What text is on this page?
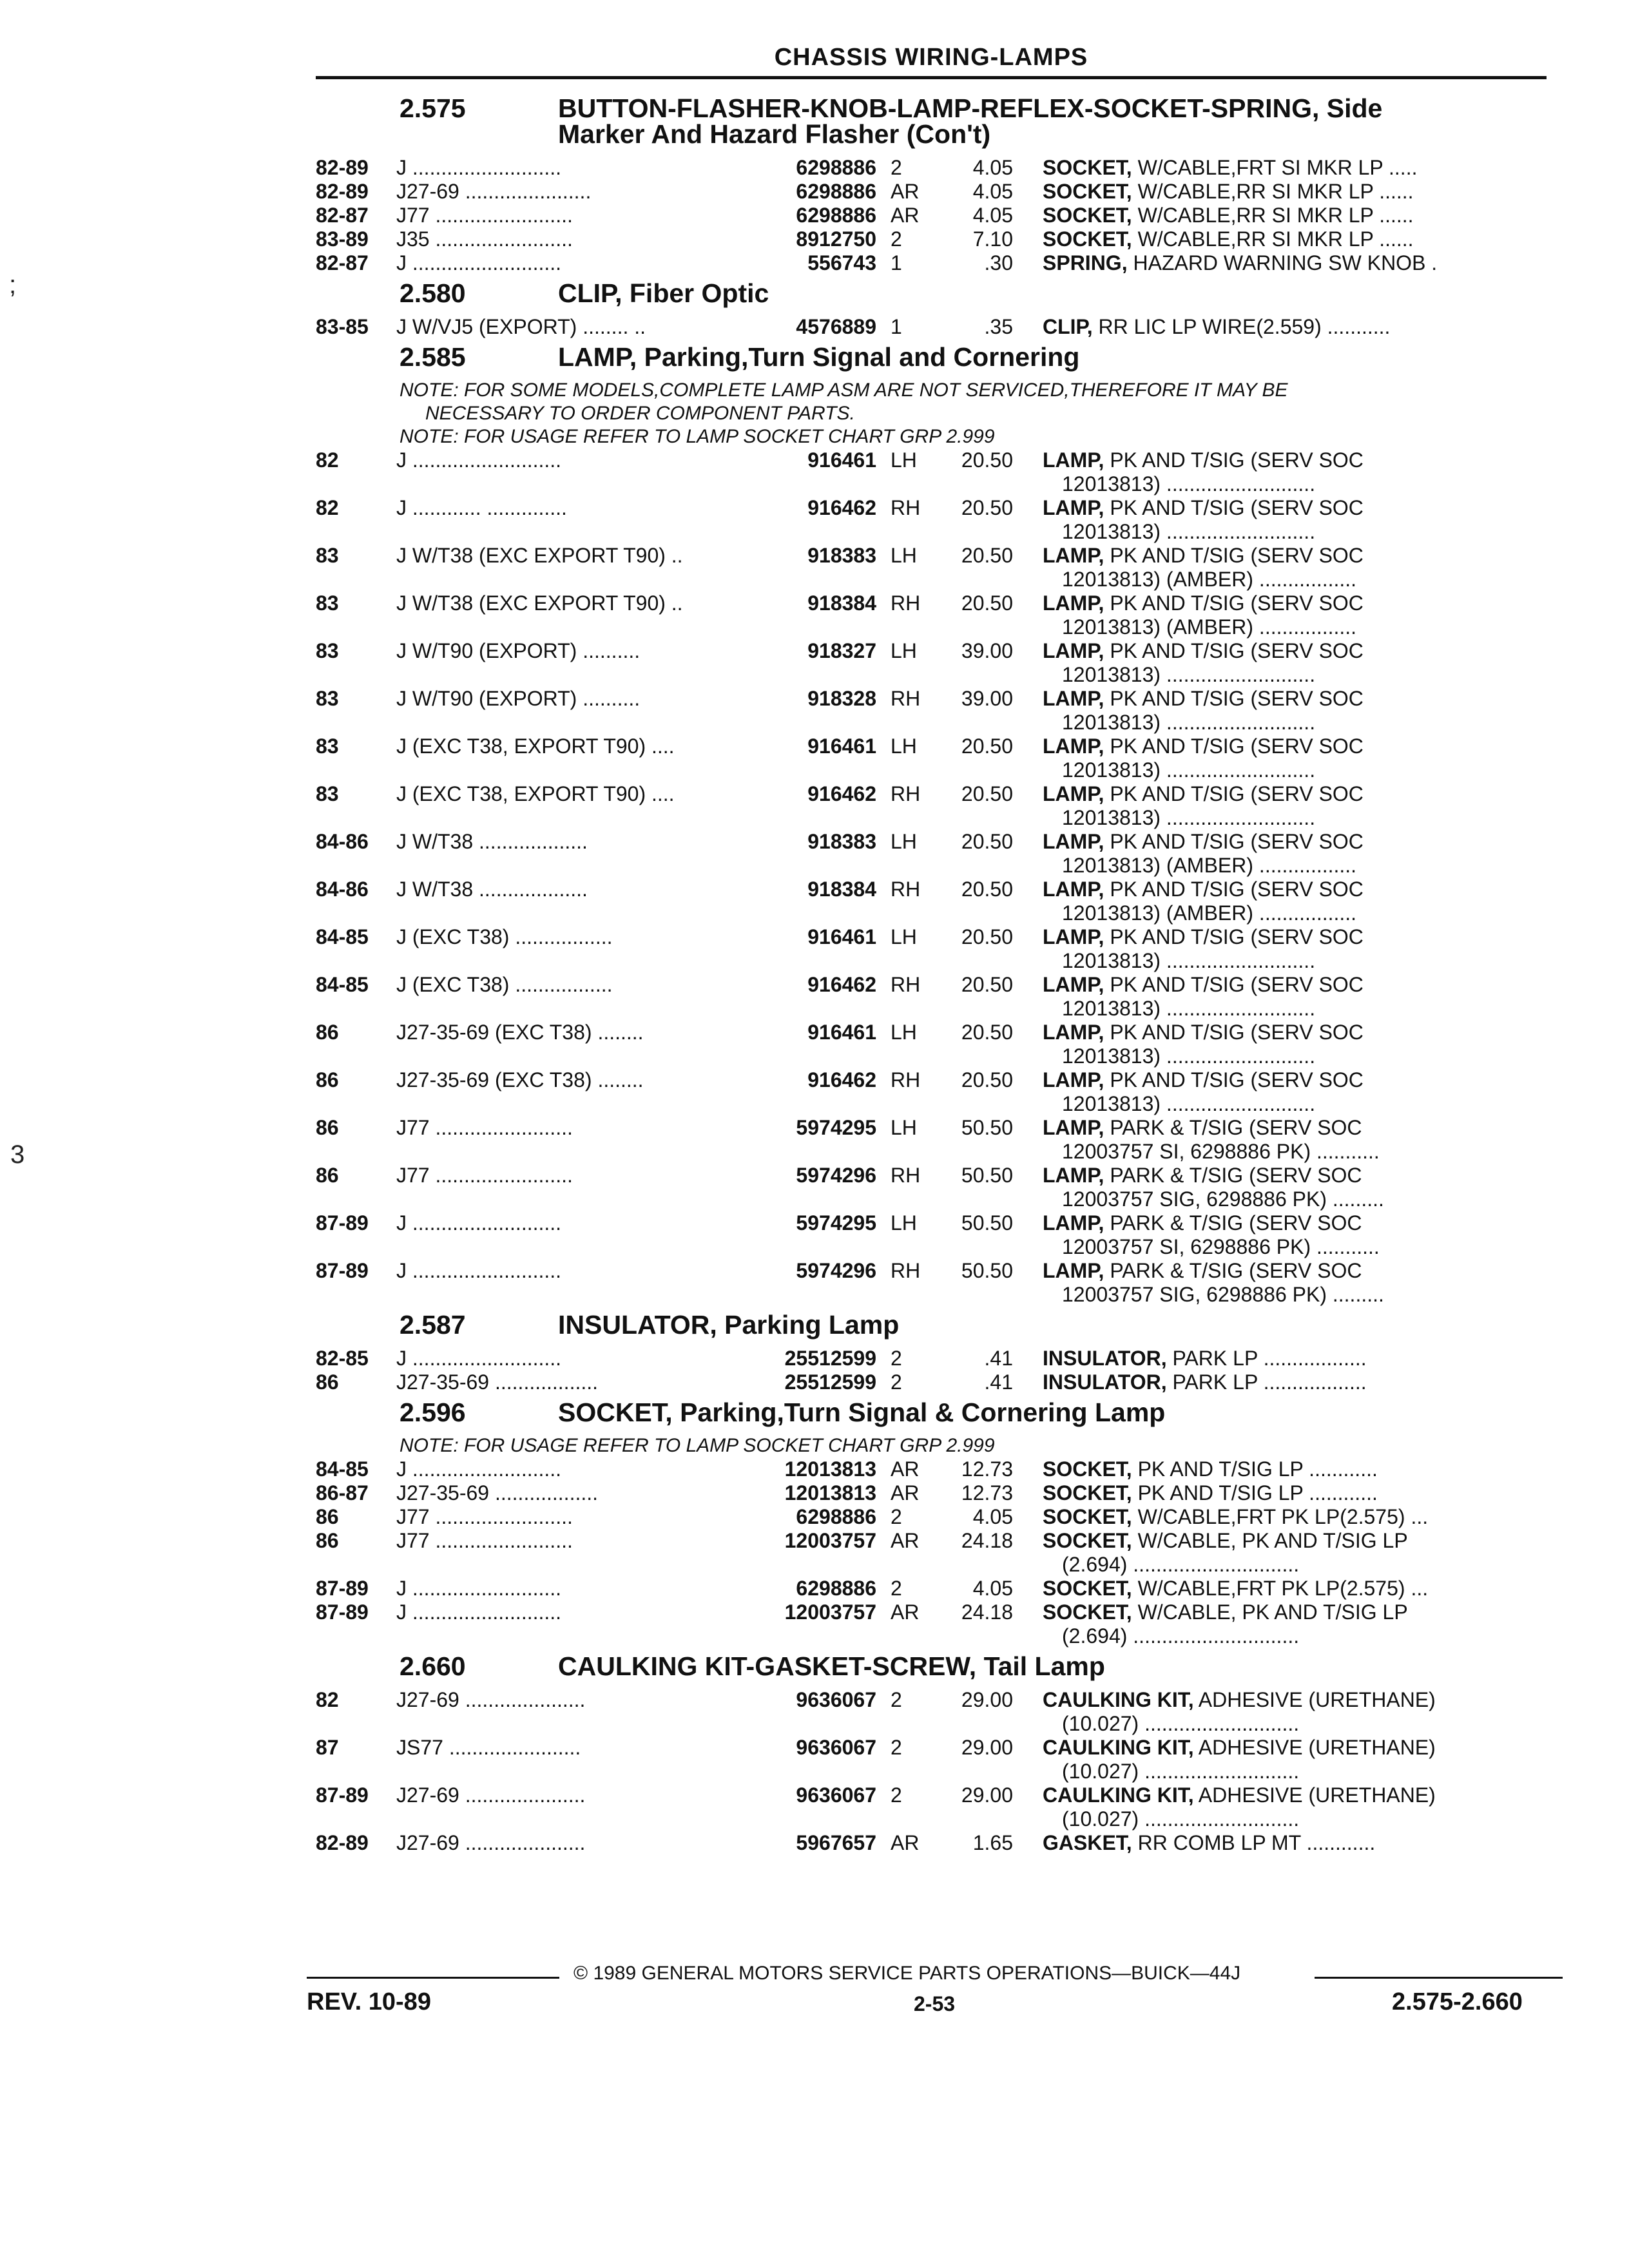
;
3
CHASSIS WIRING-LAMPS
2.575	BUTTON-FLASHER-KNOB-LAMP-REFLEX-SOCKET-SPRING, Side
Marker And Hazard Flasher (Con't)
82-89	J ..........................	6298886 2	4.05	SOCKET, W/CABLE,FRT SI MKR LP .....
82-89	J27-69 ......................	6298886 AR	4.05	SOCKET, W/CABLE,RR SI MKR LP ......
82-87	J77 ........................	6298886 AR	4.05	SOCKET, W/CABLE,RR SI MKR LP ......
83-89	J35 ........................	8912750 2	7.10	SOCKET, W/CABLE,RR SI MKR LP ......
82-87	J ..........................	556743 1	.30	SPRING, HAZARD WARNING SW KNOB .
2.580	CLIP, Fiber Optic
83-85	J W/VJ5 (EXPORT) ........ ..	4576889 1	.35	CLIP, RR LIC LP WIRE(2.559) ...........
2.585	LAMP, Parking,Turn Signal and Cornering
NOTE: FOR SOME MODELS,COMPLETE LAMP ASM ARE NOT SERVICED,THEREFORE IT MAY BE
NECESSARY TO ORDER COMPONENT PARTS.
NOTE: FOR USAGE REFER TO LAMP SOCKET CHART GRP 2.999
82	J ..........................	916461 LH	20.50	LAMP, PK AND T/SIG (SERV SOC
12013813) ..........................
82	J ............ ..............	916462 RH	20.50	LAMP, PK AND T/SIG (SERV SOC
12013813) ..........................
83	J W/T38 (EXC EXPORT T90) ..	918383 LH	20.50	LAMP, PK AND T/SIG (SERV SOC
12013813) (AMBER) .................
83	J W/T38 (EXC EXPORT T90) ..	918384 RH	20.50	LAMP, PK AND T/SIG (SERV SOC
12013813) (AMBER) .................
83	J W/T90 (EXPORT) ..........	918327 LH	39.00	LAMP, PK AND T/SIG (SERV SOC
12013813) ..........................
83	J W/T90 (EXPORT) ..........	918328 RH	39.00	LAMP, PK AND T/SIG (SERV SOC
12013813) ..........................
83	J (EXC T38, EXPORT T90) ....	916461 LH	20.50	LAMP, PK AND T/SIG (SERV SOC
12013813) ..........................
83	J (EXC T38, EXPORT T90) ....	916462 RH	20.50	LAMP, PK AND T/SIG (SERV SOC
12013813) ..........................
84-86	J W/T38 ...................	918383 LH	20.50	LAMP, PK AND T/SIG (SERV SOC
12013813) (AMBER) .................
84-86	J W/T38 ...................	918384 RH	20.50	LAMP, PK AND T/SIG (SERV SOC
12013813) (AMBER) .................
84-85	J (EXC T38) .................	916461 LH	20.50	LAMP, PK AND T/SIG (SERV SOC
12013813) ..........................
84-85	J (EXC T38) .................	916462 RH	20.50	LAMP, PK AND T/SIG (SERV SOC
12013813) ..........................
86	J27-35-69 (EXC T38) ........	916461 LH	20.50	LAMP, PK AND T/SIG (SERV SOC
12013813) ..........................
86	J27-35-69 (EXC T38) ........	916462 RH	20.50	LAMP, PK AND T/SIG (SERV SOC
12013813) ..........................
86	J77 ........................	5974295 LH	50.50	LAMP, PARK & T/SIG (SERV SOC
12003757 SI, 6298886 PK) ...........
86	J77 ........................	5974296 RH	50.50	LAMP, PARK & T/SIG (SERV SOC
12003757 SIG, 6298886 PK) .........
87-89	J ..........................	5974295 LH	50.50	LAMP, PARK & T/SIG (SERV SOC
12003757 SI, 6298886 PK) ...........
87-89	J ..........................	5974296 RH	50.50	LAMP, PARK & T/SIG (SERV SOC
12003757 SIG, 6298886 PK) .........
2.587	INSULATOR, Parking Lamp
82-85	J ..........................	25512599 2	.41	INSULATOR, PARK LP ..................
86	J27-35-69 ..................	25512599 2	.41	INSULATOR, PARK LP ..................
2.596	SOCKET, Parking,Turn Signal & Cornering Lamp
NOTE: FOR USAGE REFER TO LAMP SOCKET CHART GRP 2.999
84-85	J ..........................	12013813 AR	12.73	SOCKET, PK AND T/SIG LP ............
86-87	J27-35-69 ..................	12013813 AR	12.73	SOCKET, PK AND T/SIG LP ............
86	J77 ........................	6298886 2	4.05	SOCKET, W/CABLE,FRT PK LP(2.575) ...
86	J77 ........................	12003757 AR	24.18	SOCKET, W/CABLE, PK AND T/SIG LP
(2.694) .............................
87-89	J ..........................	6298886 2	4.05	SOCKET, W/CABLE,FRT PK LP(2.575) ...
87-89	J ..........................	12003757 AR	24.18	SOCKET, W/CABLE, PK AND T/SIG LP
(2.694) .............................
2.660	CAULKING KIT-GASKET-SCREW, Tail Lamp
82	J27-69 .....................	9636067 2	29.00	CAULKING KIT, ADHESIVE (URETHANE)
(10.027) ...........................
87	JS77 .......................	9636067 2	29.00	CAULKING KIT, ADHESIVE (URETHANE)
(10.027) ...........................
87-89	J27-69 .....................	9636067 2	29.00	CAULKING KIT, ADHESIVE (URETHANE)
(10.027) ...........................
82-89	J27-69 .....................	5967657 AR	1.65	GASKET, RR COMB LP MT ............
© 1989 GENERAL MOTORS SERVICE PARTS OPERATIONS—BUICK—44J
REV. 10-89	2-53	2.575-2.660
